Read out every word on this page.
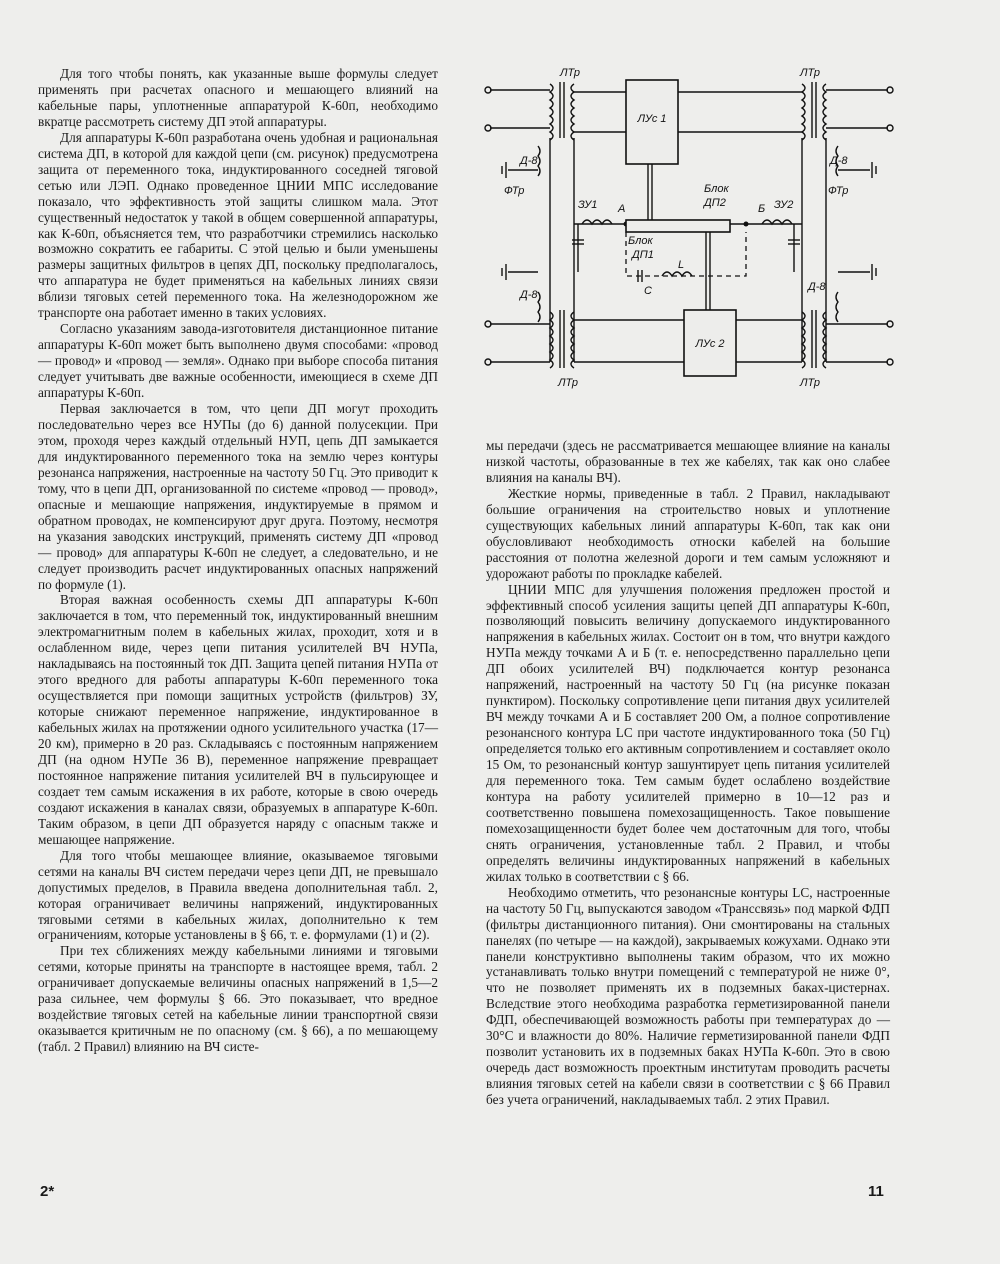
Для того чтобы понять, как указанные выше формулы следует применять при расчетах опасного и мешающего влияний на кабельные пары, уплотненные аппаратурой К-60п, необходимо вкратце рассмотреть систему ДП этой аппаратуры.

Для аппаратуры К-60п разработана очень удобная и рациональная система ДП, в которой для каждой цепи (см. рисунок) предусмотрена защита от переменного тока, индуктированного соседней тяговой сетью или ЛЭП. Однако проведенное ЦНИИ МПС исследование показало, что эффективность этой защиты слишком мала. Этот существенный недостаток у такой в общем совершенной аппаратуры, как К-60п, объясняется тем, что разработчики стремились насколько возможно сократить ее габариты. С этой целью и были уменьшены размеры защитных фильтров в цепях ДП, поскольку предполагалось, что аппаратура не будет применяться на кабельных линиях связи вблизи тяговых сетей переменного тока. На железнодорожном же транспорте она работает именно в таких условиях.

Согласно указаниям завода-изготовителя дистанционное питание аппаратуры К-60п может быть выполнено двумя способами: «провод — провод» и «провод — земля». Однако при выборе способа питания следует учитывать две важные особенности, имеющиеся в схеме ДП аппаратуры К-60п.

Первая заключается в том, что цепи ДП могут проходить последовательно через все НУПы (до 6) данной полусекции. При этом, проходя через каждый отдельный НУП, цепь ДП замыкается для индуктированного переменного тока на землю через контуры резонанса напряжения, настроенные на частоту 50 Гц. Это приводит к тому, что в цепи ДП, организованной по системе «провод — провод», опасные и мешающие напряжения, индуктируемые в прямом и обратном проводах, не компенсируют друг друга. Поэтому, несмотря на указания заводских инструкций, применять систему ДП «провод — провод» для аппаратуры К-60п не следует, а следовательно, и не следует производить расчет индуктированных опасных напряжений по формуле (1).

Вторая важная особенность схемы ДП аппаратуры К-60п заключается в том, что переменный ток, индуктированный внешним электромагнитным полем в кабельных жилах, проходит, хотя и в ослабленном виде, через цепи питания усилителей ВЧ НУПа, накладываясь на постоянный ток ДП. Защита цепей питания НУПа от этого вредного для работы аппаратуры К-60п переменного тока осуществляется при помощи защитных устройств (фильтров) ЗУ, которые снижают переменное напряжение, индуктированное в кабельных жилах на протяжении одного усилительного участка (17—20 км), примерно в 20 раз. Складываясь с постоянным напряжением ДП (на одном НУПе 36 В), переменное напряжение превращает постоянное напряжение питания усилителей ВЧ в пульсирующее и создает тем самым искажения в их работе, которые в свою очередь создают искажения в каналах связи, образуемых в аппаратуре К-60п. Таким образом, в цепи ДП образуется наряду с опасным также и мешающее напряжение.

Для того чтобы мешающее влияние, оказываемое тяговыми сетями на каналы ВЧ систем передачи через цепи ДП, не превышало допустимых пределов, в Правила введена дополнительная табл. 2, которая ограничивает величины напряжений, индуктированных тяговыми сетями в кабельных жилах, дополнительно к тем ограничениям, которые установлены в § 66, т. е. формулами (1) и (2).

При тех сближениях между кабельными линиями и тяговыми сетями, которые приняты на транспорте в настоящее время, табл. 2 ограничивает допускаемые величины опасных напряжений в 1,5—2 раза сильнее, чем формулы § 66. Это показывает, что вредное воздействие тяговых сетей на кабельные линии транспортной связи оказывается критичным не по опасному (см. § 66), а по мешающему (табл. 2 Правил) влиянию на ВЧ систе-

ЛУс 1
Д-8
ФТр
Д-8
ЗУ1 А
Блок
ДП1
Блок
ДП2
ЛУс 2
С
L
Б ЗУ2
Д-8
ФТр
Д-8
ЛТр	ЛТр
ЛТр	ЛТр

мы передачи (здесь не рассматривается мешающее влияние на каналы низкой частоты, образованные в тех же кабелях, так как оно слабее влияния на каналы ВЧ).

Жесткие нормы, приведенные в табл. 2 Правил, накладывают большие ограничения на строительство новых и уплотнение существующих кабельных линий аппаратуры К-60п, так как они обусловливают необходимость относки кабелей на большие расстояния от полотна железной дороги и тем самым усложняют и удорожают работы по прокладке кабелей.

ЦНИИ МПС для улучшения положения предложен простой и эффективный способ усиления защиты цепей ДП аппаратуры К-60п, позволяющий повысить величину допускаемого индуктированного напряжения в кабельных жилах. Состоит он в том, что внутри каждого НУПа между точками А и Б (т. е. непосредственно параллельно цепи ДП обоих усилителей ВЧ) подключается контур резонанса напряжений, настроенный на частоту 50 Гц (на рисунке показан пунктиром). Поскольку сопротивление цепи питания двух усилителей ВЧ между точками А и Б составляет 200 Ом, а полное сопротивление резонансного контура LC при частоте индуктированного тока (50 Гц) определяется только его активным сопротивлением и составляет около 15 Ом, то резонансный контур зашунтирует цепь питания усилителей для переменного тока. Тем самым будет ослаблено воздействие контура на работу усилителей примерно в 10—12 раз и соответственно повышена помехозащищенность. Такое повышение помехозащищенности будет более чем достаточным для того, чтобы снять ограничения, установленные табл. 2 Правил, и чтобы определять величины индуктированных напряжений в кабельных жилах только в соответствии с § 66.

Необходимо отметить, что резонансные контуры LC, настроенные на частоту 50 Гц, выпускаются заводом «Трансcвязь» под маркой ФДП (фильтры дистанционного питания). Они смонтированы на стальных панелях (по четыре — на каждой), закрываемых кожухами. Однако эти панели конструктивно выполнены таким образом, что их можно устанавливать только внутри помещений с температурой не ниже 0°, что не позволяет применять их в подземных баках-цистернах. Вследствие этого необходима разработка герметизированной панели ФДП, обеспечивающей возможность работы при температурах до —30°С и влажности до 80%. Наличие герметизированной панели ФДП позволит установить их в подземных баках НУПа К-60п. Это в свою очередь даст возможность проектным институтам проводить расчеты влияния тяговых сетей на кабели связи в соответствии с § 66 Правил без учета ограничений, накладываемых табл. 2 этих Правил.

2*	11
